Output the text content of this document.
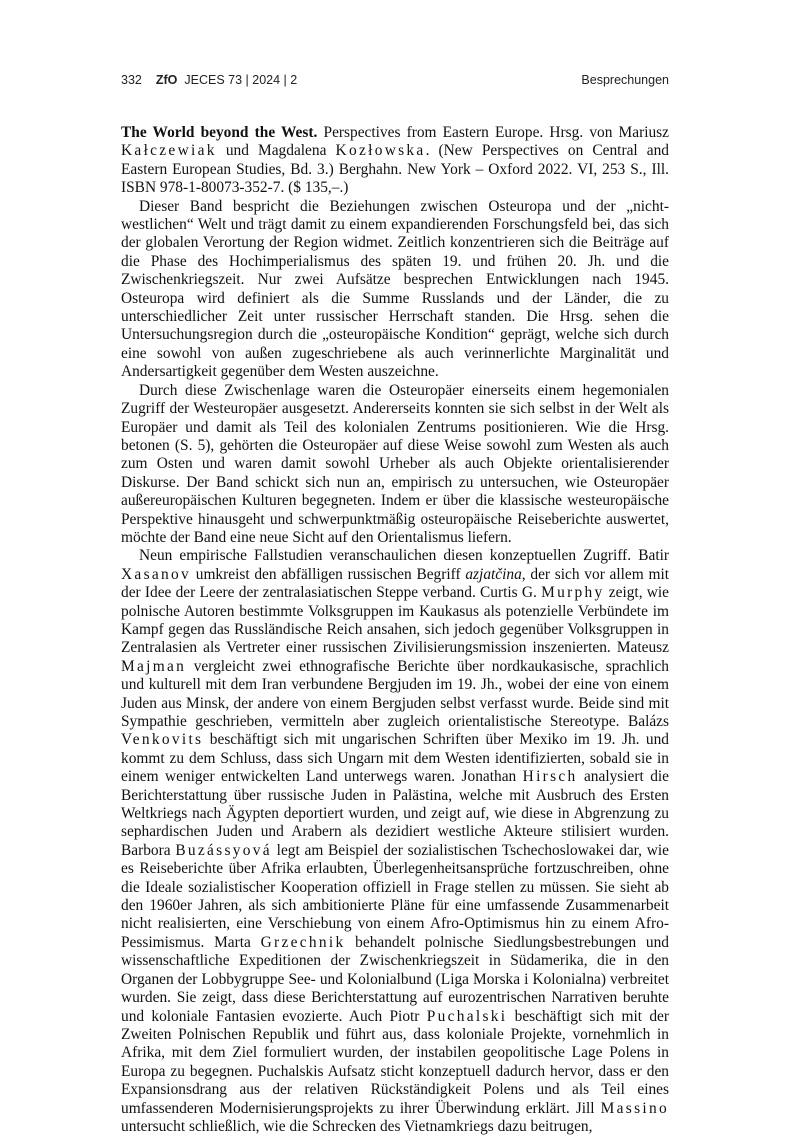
332 ZfO JECES 73 | 2024 | 2	Besprechungen

The World beyond the West. Perspectives from Eastern Europe. Hrsg. von Mariusz Kałczewiak und Magdalena Kozłowska. (New Perspectives on Central and Eastern European Studies, Bd. 3.) Berghahn. New York – Oxford 2022. VI, 253 S., Ill. ISBN 978-1-80073-352-7. ($ 135,–.)

Dieser Band bespricht die Beziehungen zwischen Osteuropa und der „nicht-westlichen“ Welt und trägt damit zu einem expandierenden Forschungsfeld bei, das sich der globalen Verortung der Region widmet. Zeitlich konzentrieren sich die Beiträge auf die Phase des Hochimperialismus des späten 19. und frühen 20. Jh. und die Zwischenkriegszeit. Nur zwei Aufsätze besprechen Entwicklungen nach 1945. Osteuropa wird definiert als die Summe Russlands und der Länder, die zu unterschiedlicher Zeit unter russischer Herrschaft standen. Die Hrsg. sehen die Untersuchungsregion durch die „osteuropäische Kondition“ geprägt, welche sich durch eine sowohl von außen zugeschriebene als auch verinnerlichte Marginalität und Andersartigkeit gegenüber dem Westen auszeichne.

Durch diese Zwischenlage waren die Osteuropäer einerseits einem hegemonialen Zugriff der Westeuropäer ausgesetzt. Andererseits konnten sie sich selbst in der Welt als Europäer und damit als Teil des kolonialen Zentrums positionieren. Wie die Hrsg. betonen (S. 5), gehörten die Osteuropäer auf diese Weise sowohl zum Westen als auch zum Osten und waren damit sowohl Urheber als auch Objekte orientalisierender Diskurse. Der Band schickt sich nun an, empirisch zu untersuchen, wie Osteuropäer außereuropäischen Kulturen begegneten. Indem er über die klassische westeuropäische Perspektive hinausgeht und schwerpunktmäßig osteuropäische Reiseberichte auswertet, möchte der Band eine neue Sicht auf den Orientalismus liefern.

Neun empirische Fallstudien veranschaulichen diesen konzeptuellen Zugriff. Batir Xasanov umkreist den abfälligen russischen Begriff azjatčina, der sich vor allem mit der Idee der Leere der zentralasiatischen Steppe verband. Curtis G. Murphy zeigt, wie polnische Autoren bestimmte Volksgruppen im Kaukasus als potenzielle Verbündete im Kampf gegen das Russländische Reich ansahen, sich jedoch gegenüber Volksgruppen in Zentralasien als Vertreter einer russischen Zivilisierungsmission inszenierten. Mateusz Majman vergleicht zwei ethnografische Berichte über nordkaukasische, sprachlich und kulturell mit dem Iran verbundene Bergjuden im 19. Jh., wobei der eine von einem Juden aus Minsk, der andere von einem Bergjuden selbst verfasst wurde. Beide sind mit Sympathie geschrieben, vermitteln aber zugleich orientalistische Stereotype. Balázs Venkovits beschäftigt sich mit ungarischen Schriften über Mexiko im 19. Jh. und kommt zu dem Schluss, dass sich Ungarn mit dem Westen identifizierten, sobald sie in einem weniger entwickelten Land unterwegs waren. Jonathan Hirsch analysiert die Berichterstattung über russische Juden in Palästina, welche mit Ausbruch des Ersten Weltkriegs nach Ägypten deportiert wurden, und zeigt auf, wie diese in Abgrenzung zu sephardischen Juden und Arabern als dezidiert westliche Akteure stilisiert wurden. Barbora Buzássyová legt am Beispiel der sozialistischen Tschechoslowakei dar, wie es Reiseberichte über Afrika erlaubten, Überlegenheitsansprüche fortzuschreiben, ohne die Ideale sozialistischer Kooperation offiziell in Frage stellen zu müssen. Sie sieht ab den 1960er Jahren, als sich ambitionierte Pläne für eine umfassende Zusammenarbeit nicht realisierten, eine Verschiebung von einem Afro-Optimismus hin zu einem Afro-Pessimismus. Marta Grzechnik behandelt polnische Siedlungsbestrebungen und wissenschaftliche Expeditionen der Zwischenkriegszeit in Südamerika, die in den Organen der Lobbygruppe See- und Kolonialbund (Liga Morska i Kolonialna) verbreitet wurden. Sie zeigt, dass diese Berichterstattung auf eurozentrischen Narrativen beruhte und koloniale Fantasien evozierte. Auch Piotr Puchalski beschäftigt sich mit der Zweiten Polnischen Republik und führt aus, dass koloniale Projekte, vornehmlich in Afrika, mit dem Ziel formuliert wurden, der instabilen geopolitische Lage Polens in Europa zu begegnen. Puchalskis Aufsatz sticht konzeptuell dadurch hervor, dass er den Expansionsdrang aus der relativen Rückständigkeit Polens und als Teil eines umfassenderen Modernisierungsprojekts zu ihrer Überwindung erklärt. Jill Massino untersucht schließlich, wie die Schrecken des Vietnamkriegs dazu beitrugen,
